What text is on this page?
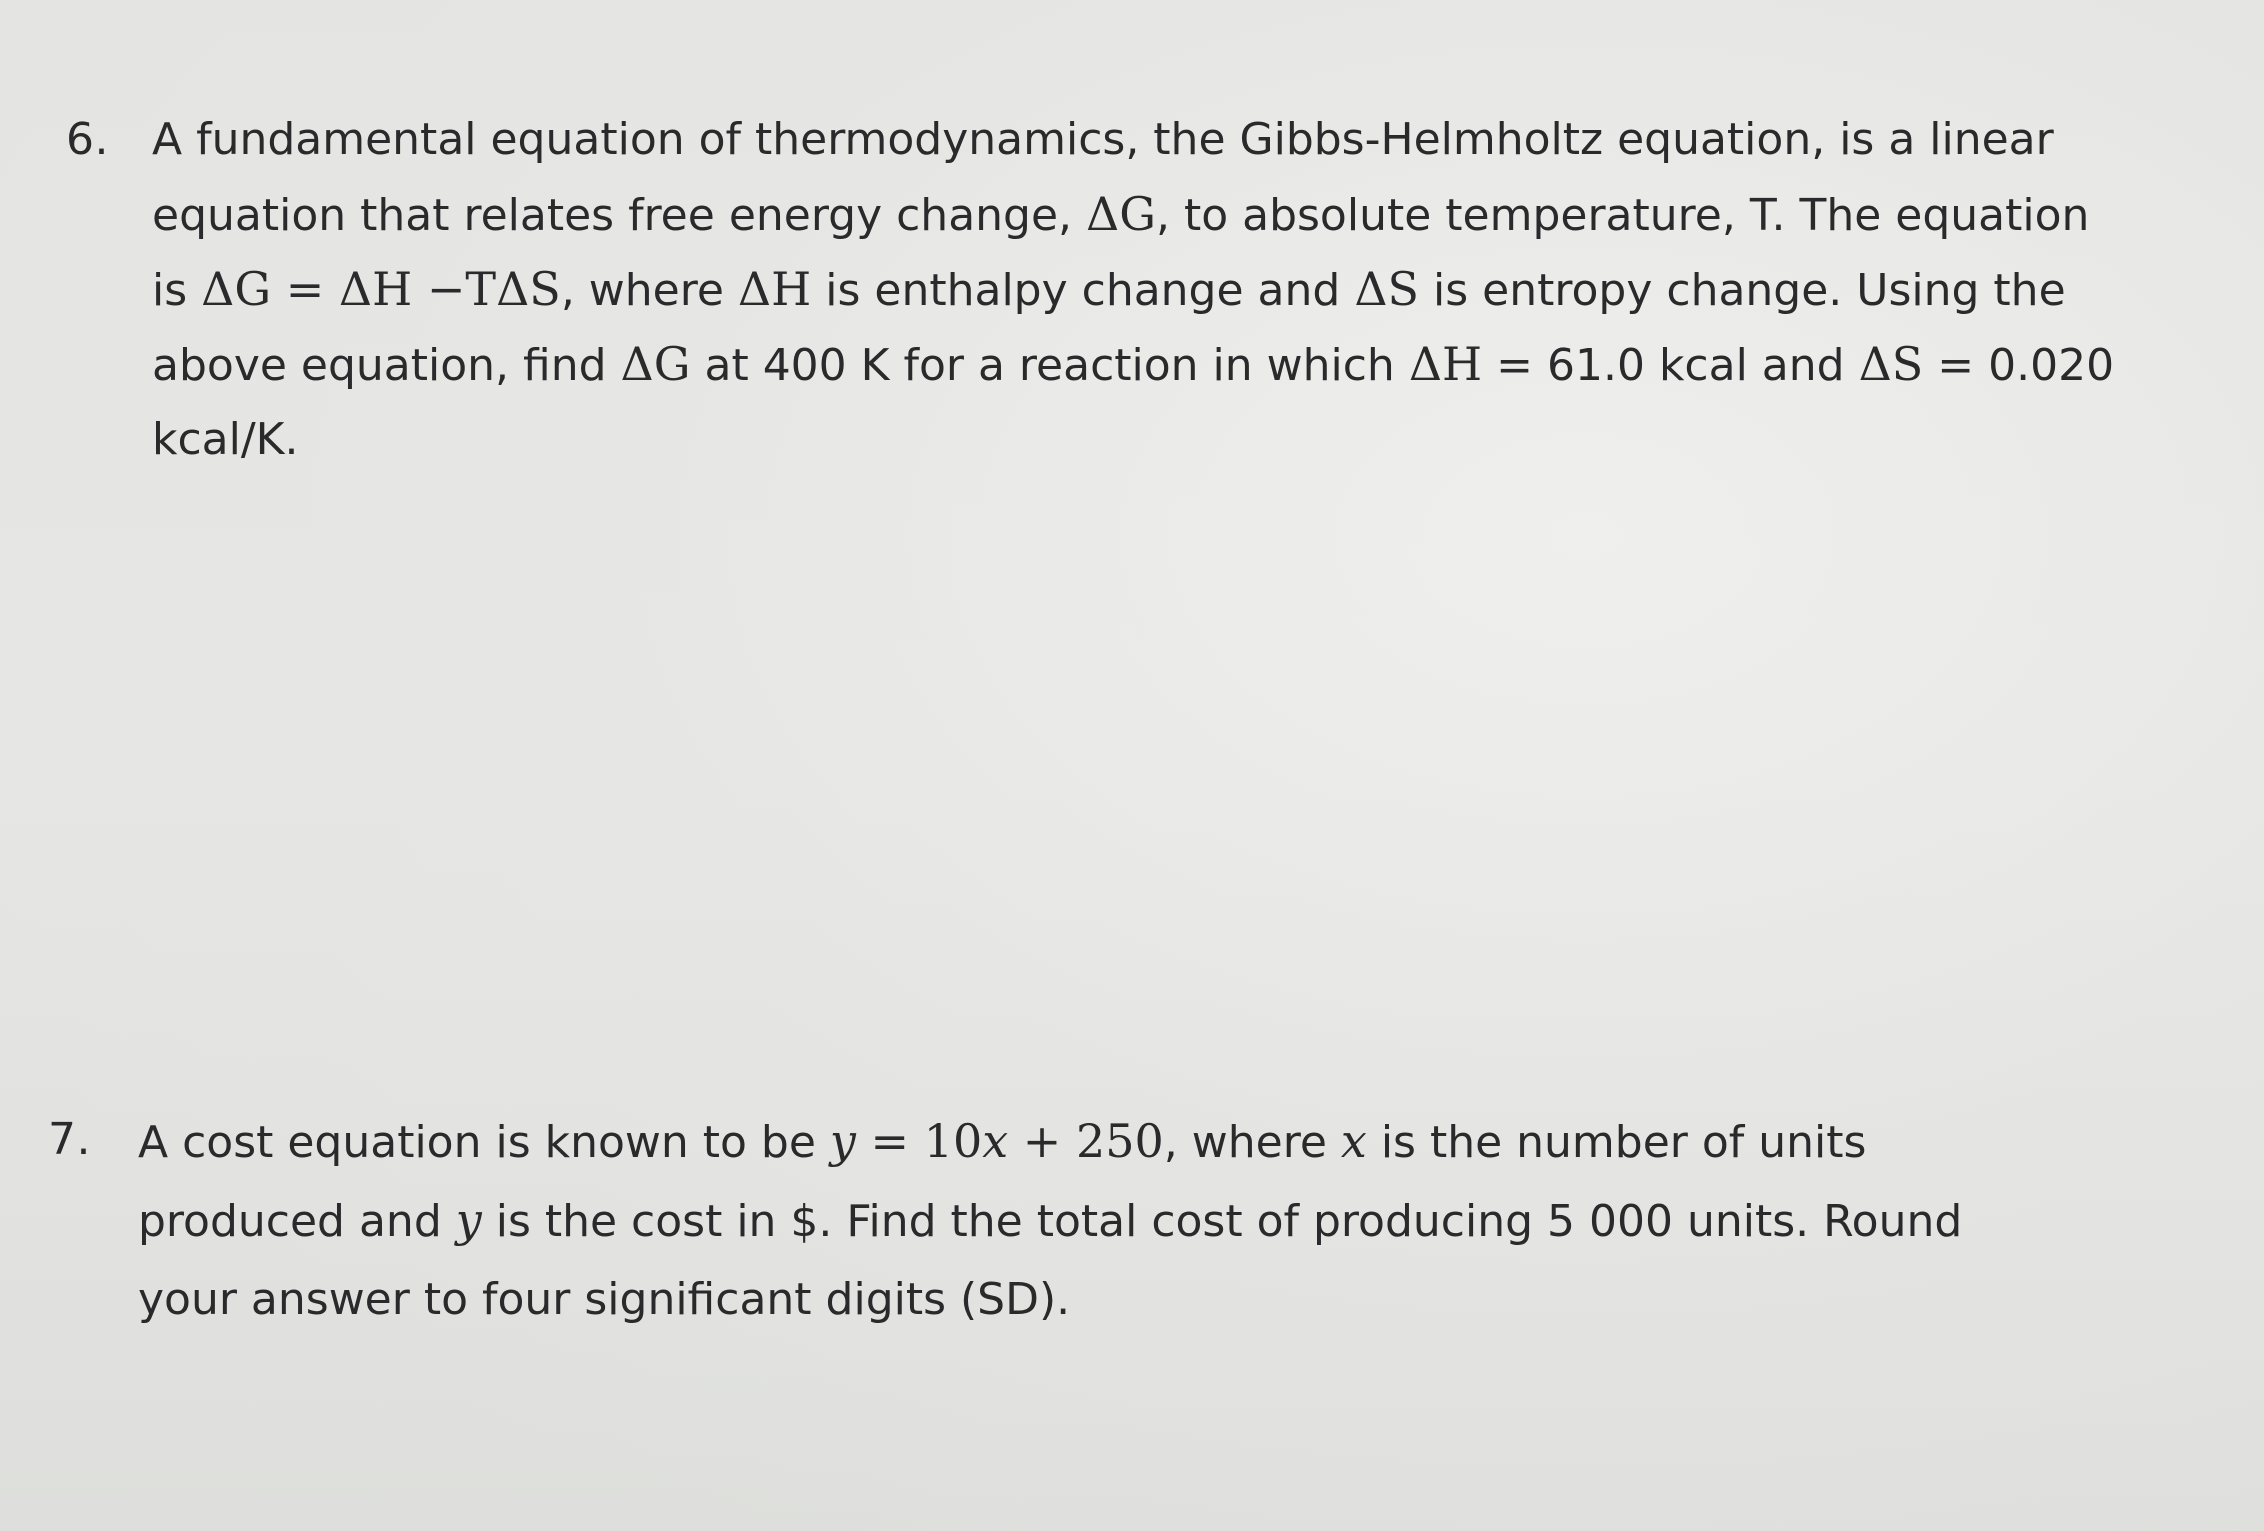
6. A fundamental equation of thermodynamics, the Gibbs-Helmholtz equation, is a linear
equation that relates free energy change, ΔG, to absolute temperature, T. The equation
is ΔG = ΔH −TΔS, where ΔH is enthalpy change and ΔS is entropy change. Using the
above equation, find ΔG at 400 K for a reaction in which ΔH = 61.0 kcal and ΔS = 0.020
kcal/K.
7. A cost equation is known to be y = 10x + 250, where x is the number of units
produced and y is the cost in $. Find the total cost of producing 5 000 units. Round
your answer to four significant digits (SD).
